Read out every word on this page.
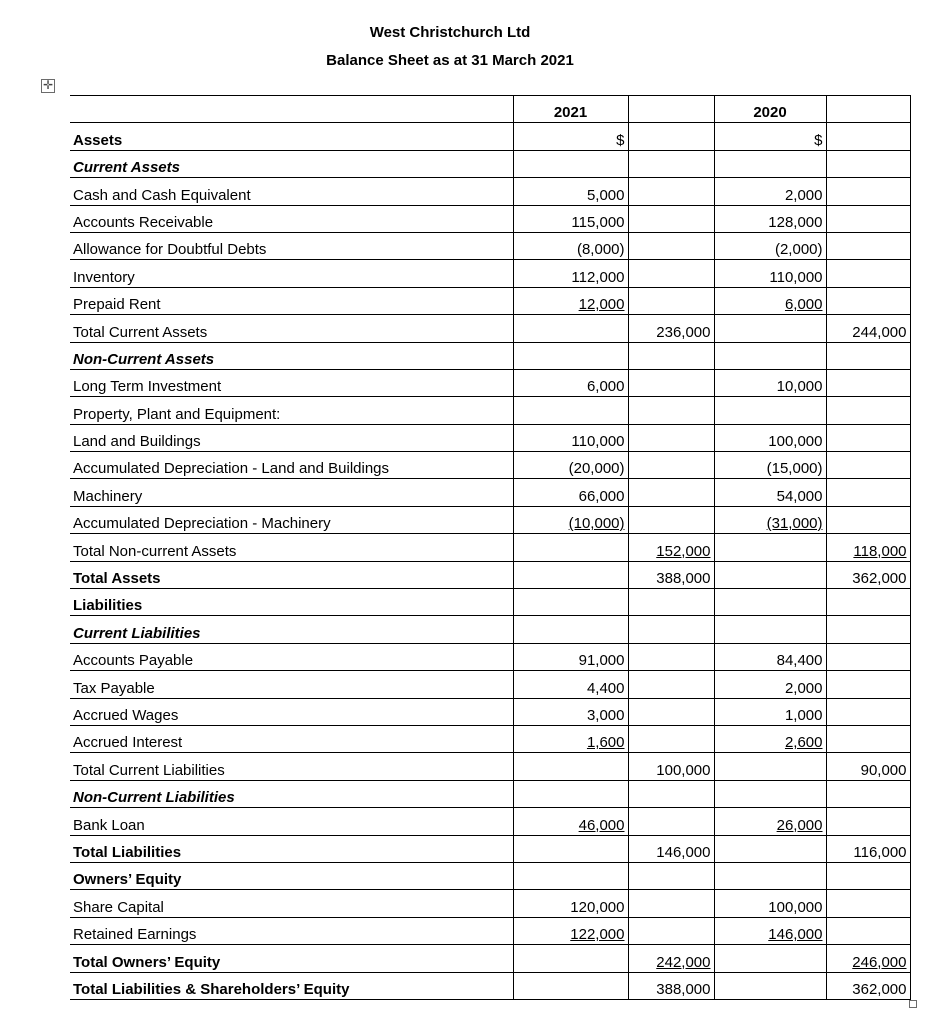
West Christchurch Ltd
Balance Sheet as at 31 March 2021
✛
	2021		2020	
Assets	$		$	
Current Assets				
Cash and Cash Equivalent	5,000		2,000	
Accounts Receivable	115,000		128,000	
Allowance for Doubtful Debts	(8,000)		(2,000)	
Inventory	112,000		110,000	
Prepaid Rent	12,000		6,000	
Total Current Assets		236,000		244,000
Non-Current Assets				
Long Term Investment	6,000		10,000	
Property, Plant and Equipment:				
Land and Buildings	110,000		100,000	
Accumulated Depreciation - Land and Buildings	(20,000)		(15,000)	
Machinery	66,000		54,000	
Accumulated Depreciation - Machinery	(10,000)		(31,000)	
Total Non-current Assets		152,000		118,000
Total Assets		388,000		362,000
Liabilities				
Current Liabilities				
Accounts Payable	91,000		84,400	
Tax Payable	4,400		2,000	
Accrued Wages	3,000		1,000	
Accrued Interest	1,600		2,600	
Total Current Liabilities		100,000		90,000
Non-Current Liabilities				
Bank Loan	46,000		26,000	
Total Liabilities		146,000		116,000
Owners’ Equity				
Share Capital	120,000		100,000	
Retained Earnings	122,000		146,000	
Total Owners’ Equity		242,000		246,000
Total Liabilities & Shareholders’ Equity		388,000		362,000
